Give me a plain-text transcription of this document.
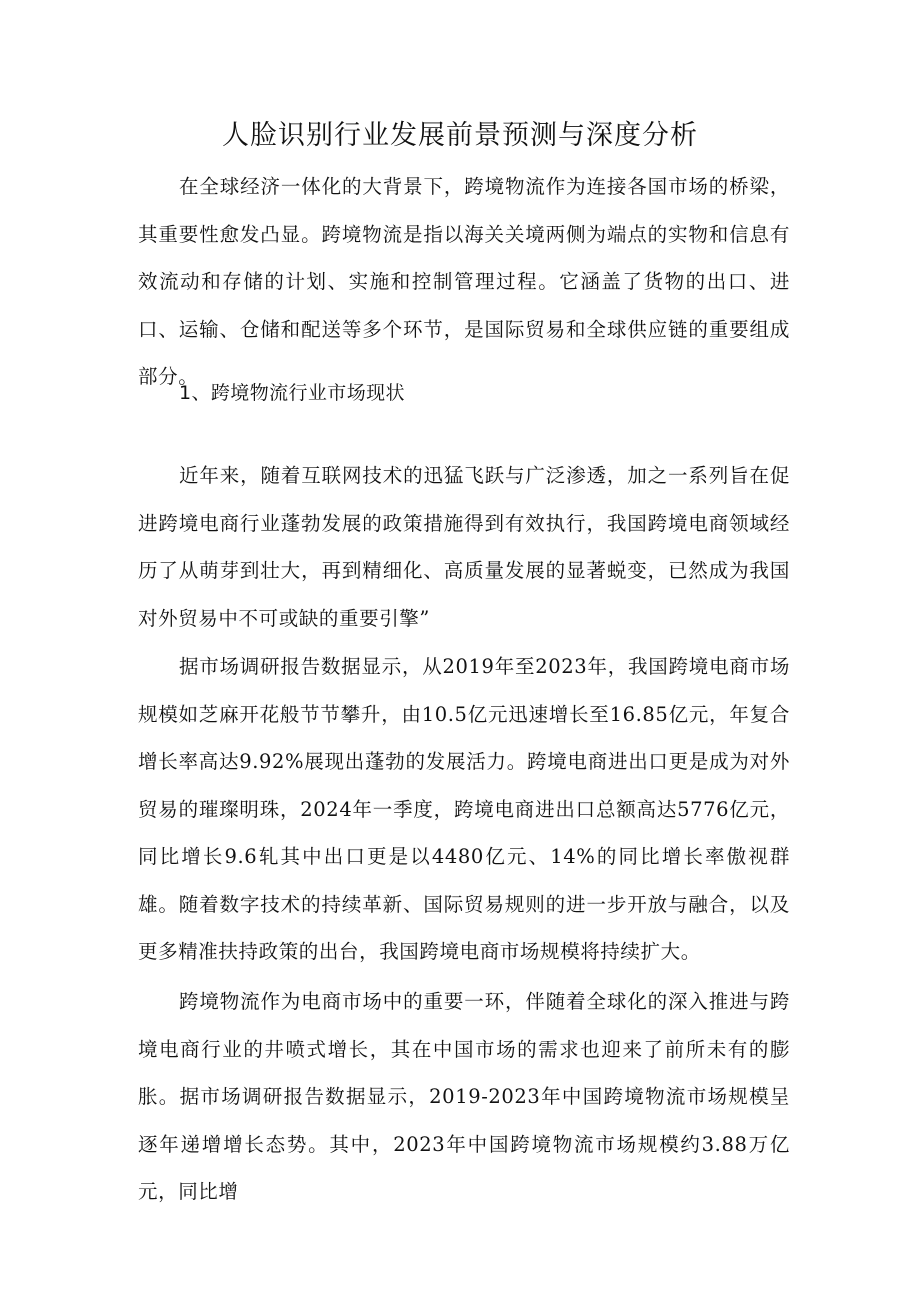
人脸识别行业发展前景预测与深度分析

在全球经济一体化的大背景下，跨境物流作为连接各国市场的桥梁，其重要性愈发凸显。跨境物流是指以海关关境两侧为端点的实物和信息有效流动和存储的计划、实施和控制管理过程。它涵盖了货物的出口、进口、运输、仓储和配送等多个环节，是国际贸易和全球供应链的重要组成部分。

1、跨境物流行业市场现状

近年来，随着互联网技术的迅猛飞跃与广泛渗透，加之一系列旨在促进跨境电商行业蓬勃发展的政策措施得到有效执行，我国跨境电商领域经历了从萌芽到壮大，再到精细化、高质量发展的显著蜕变，已然成为我国对外贸易中不可或缺的重要引擎”

据市场调研报告数据显示，从2019年至2023年，我国跨境电商市场规模如芝麻开花般节节攀升，由10.5亿元迅速增长至16.85亿元，年复合增长率高达9.92%展现出蓬勃的发展活力。跨境电商进出口更是成为对外贸易的璀璨明珠，2024年一季度，跨境电商进出口总额高达5776亿元，同比增长9.6轧其中出口更是以4480亿元、14%的同比增长率傲视群雄。随着数字技术的持续革新、国际贸易规则的进一步开放与融合，以及更多精准扶持政策的出台，我国跨境电商市场规模将持续扩大。

跨境物流作为电商市场中的重要一环，伴随着全球化的深入推进与跨境电商行业的井喷式增长，其在中国市场的需求也迎来了前所未有的膨胀。据市场调研报告数据显示，2019-2023年中国跨境物流市场规模呈逐年递增增长态势。其中，2023年中国跨境物流市场规模约3.88万亿元，同比增
